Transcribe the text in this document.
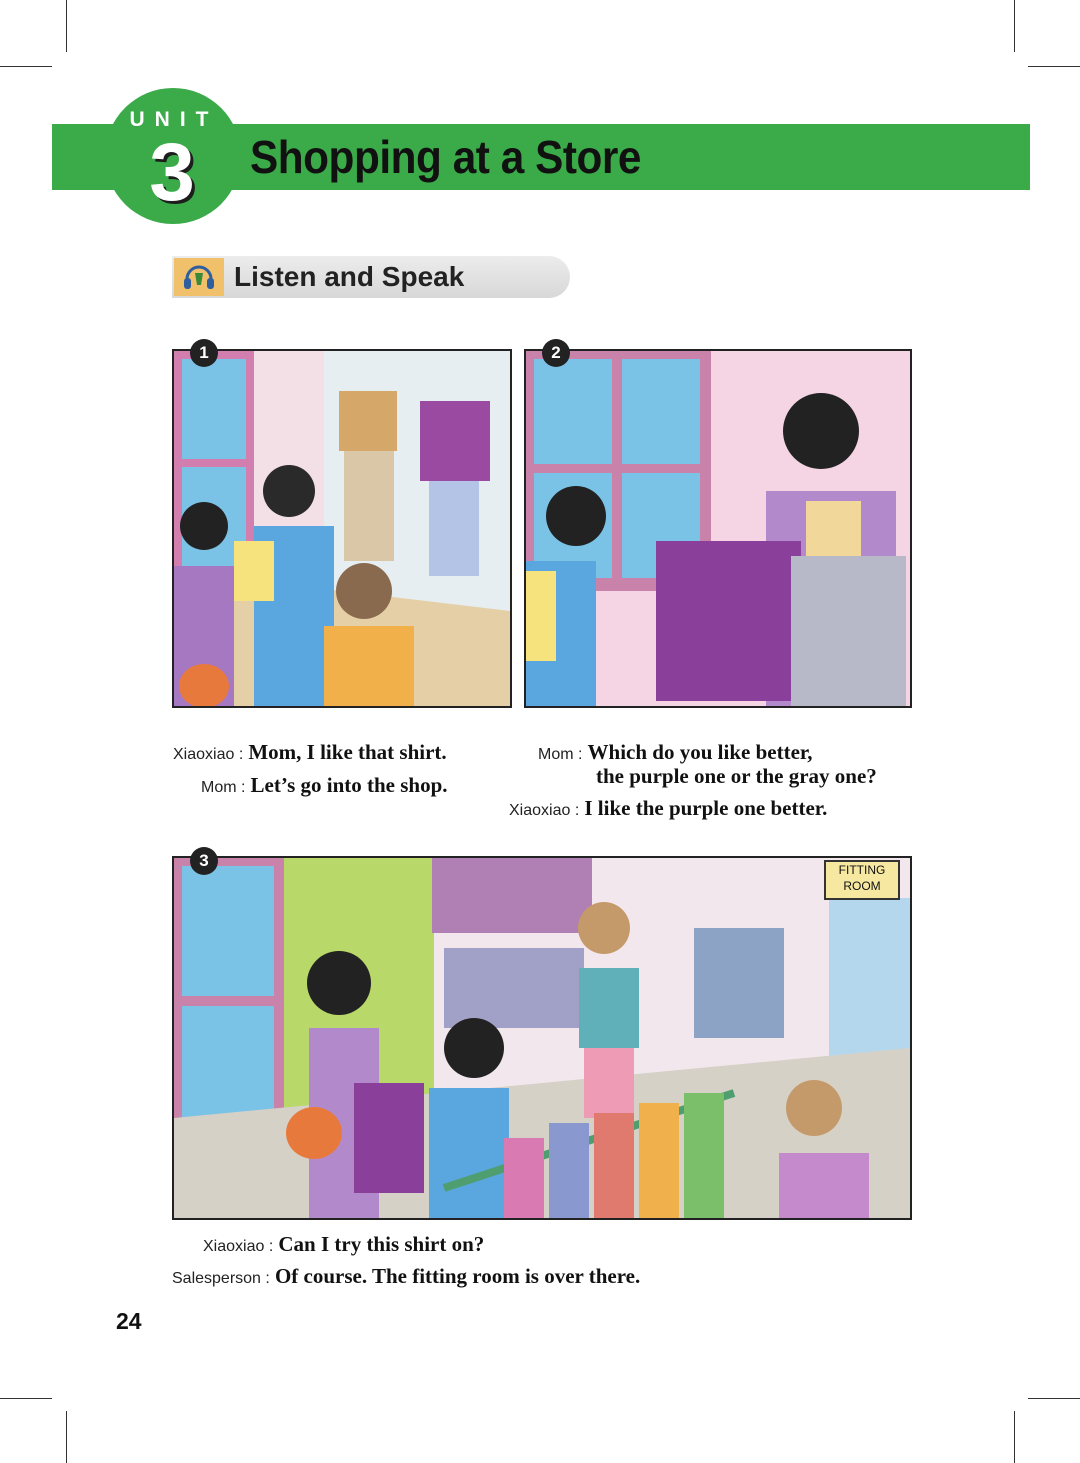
UNIT
3	Shopping at a Store
Listen and Speak
1	2
Xiaoxiao : Mom, I like that shirt.
Mom : Let’s go into the shop.
Mom : Which do you like better,
the purple one or the gray one?
Xiaoxiao : I like the purple one better.
FITTING
ROOM
3
Xiaoxiao : Can I try this shirt on?
Salesperson : Of course. The fitting room is over there.
24
